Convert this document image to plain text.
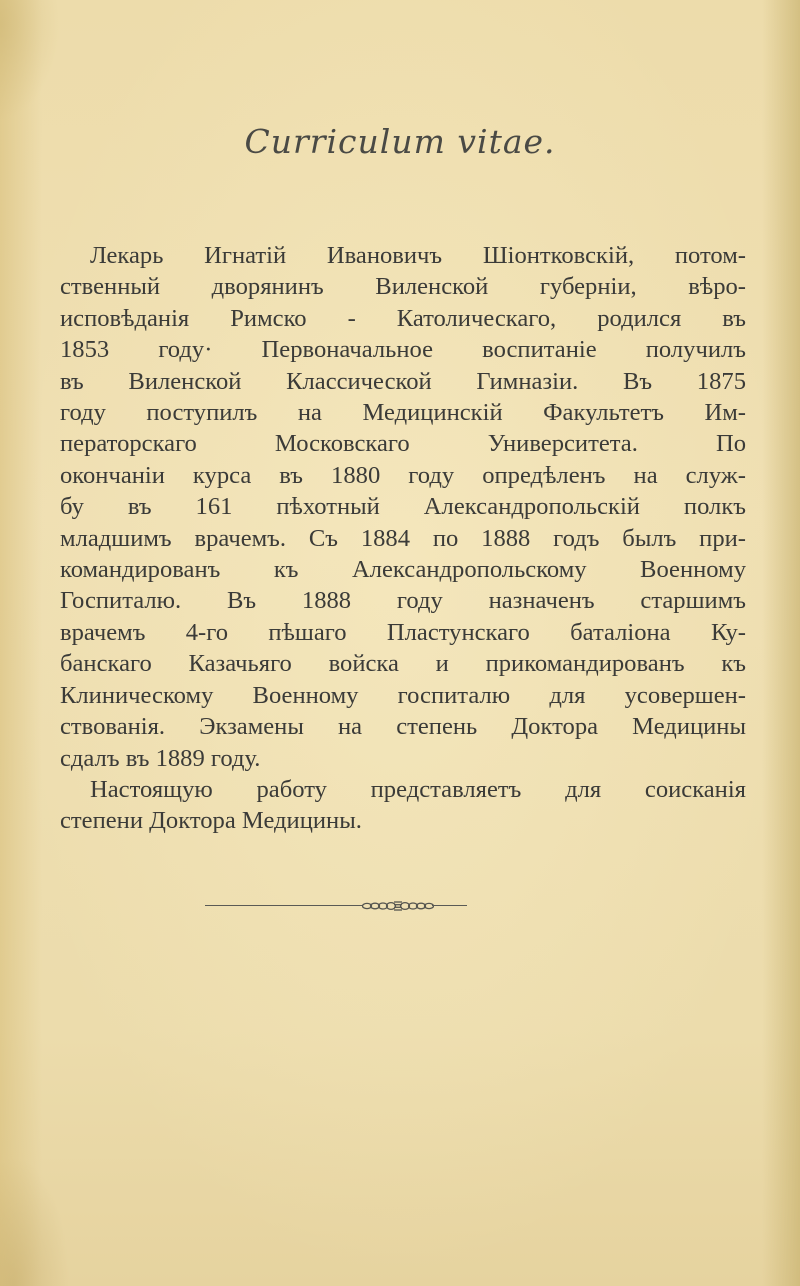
Curriculum vitae.
Лекарь Игнатій Ивановичъ Шіонтковскій, потом-
ственный дворянинъ Виленской губерніи, вѣро-
исповѣданія Римско - Католическаго, родился въ
1853 году· Первоначальное воспитаніе получилъ
въ Виленской Классической Гимназіи. Въ 1875
году поступилъ на Медицинскій Факультетъ Им-
ператорскаго Московскаго Университета. По
окончаніи курса въ 1880 году опредѣленъ на служ-
бу въ 161 пѣхотный Александропольскій полкъ
младшимъ врачемъ. Съ 1884 по 1888 годъ былъ при-
командированъ къ Александропольскому Военному
Госпиталю. Въ 1888 году назначенъ старшимъ
врачемъ 4-го пѣшаго Пластунскаго баталіона Ку-
банскаго Казачьяго войска и прикомандированъ къ
Клиническому Военному госпиталю для усовершен-
ствованія. Экзамены на степень Доктора Медицины
сдалъ въ 1889 году.
Настоящую работу представляетъ для соисканія
степени Доктора Медицины.
